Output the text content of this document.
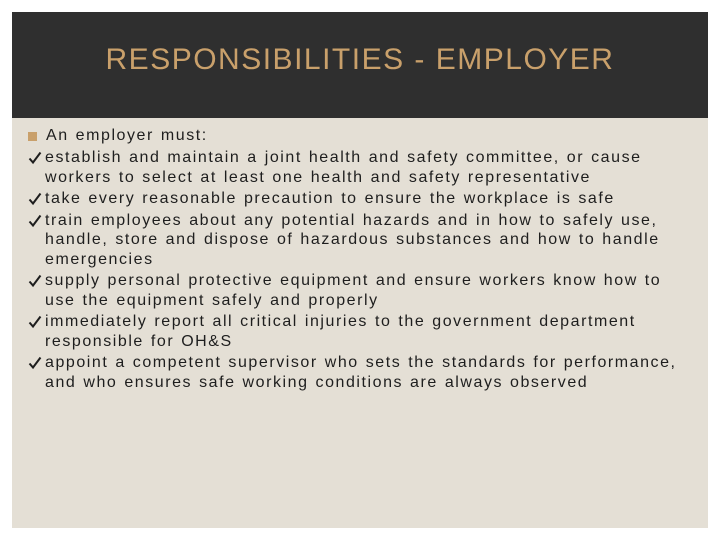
RESPONSIBILITIES - EMPLOYER
An employer must:
establish and maintain a joint health and safety committee, or cause workers to select at least one health and safety representative
take every reasonable precaution to ensure the workplace is safe
train employees about any potential hazards and in how to safely use, handle, store and dispose of hazardous substances and how to handle emergencies
supply personal protective equipment and ensure workers know how to use the equipment safely and properly
immediately report all critical injuries to the government department responsible for OH&S
appoint a competent supervisor who sets the standards for performance, and who ensures safe working conditions are always observed
